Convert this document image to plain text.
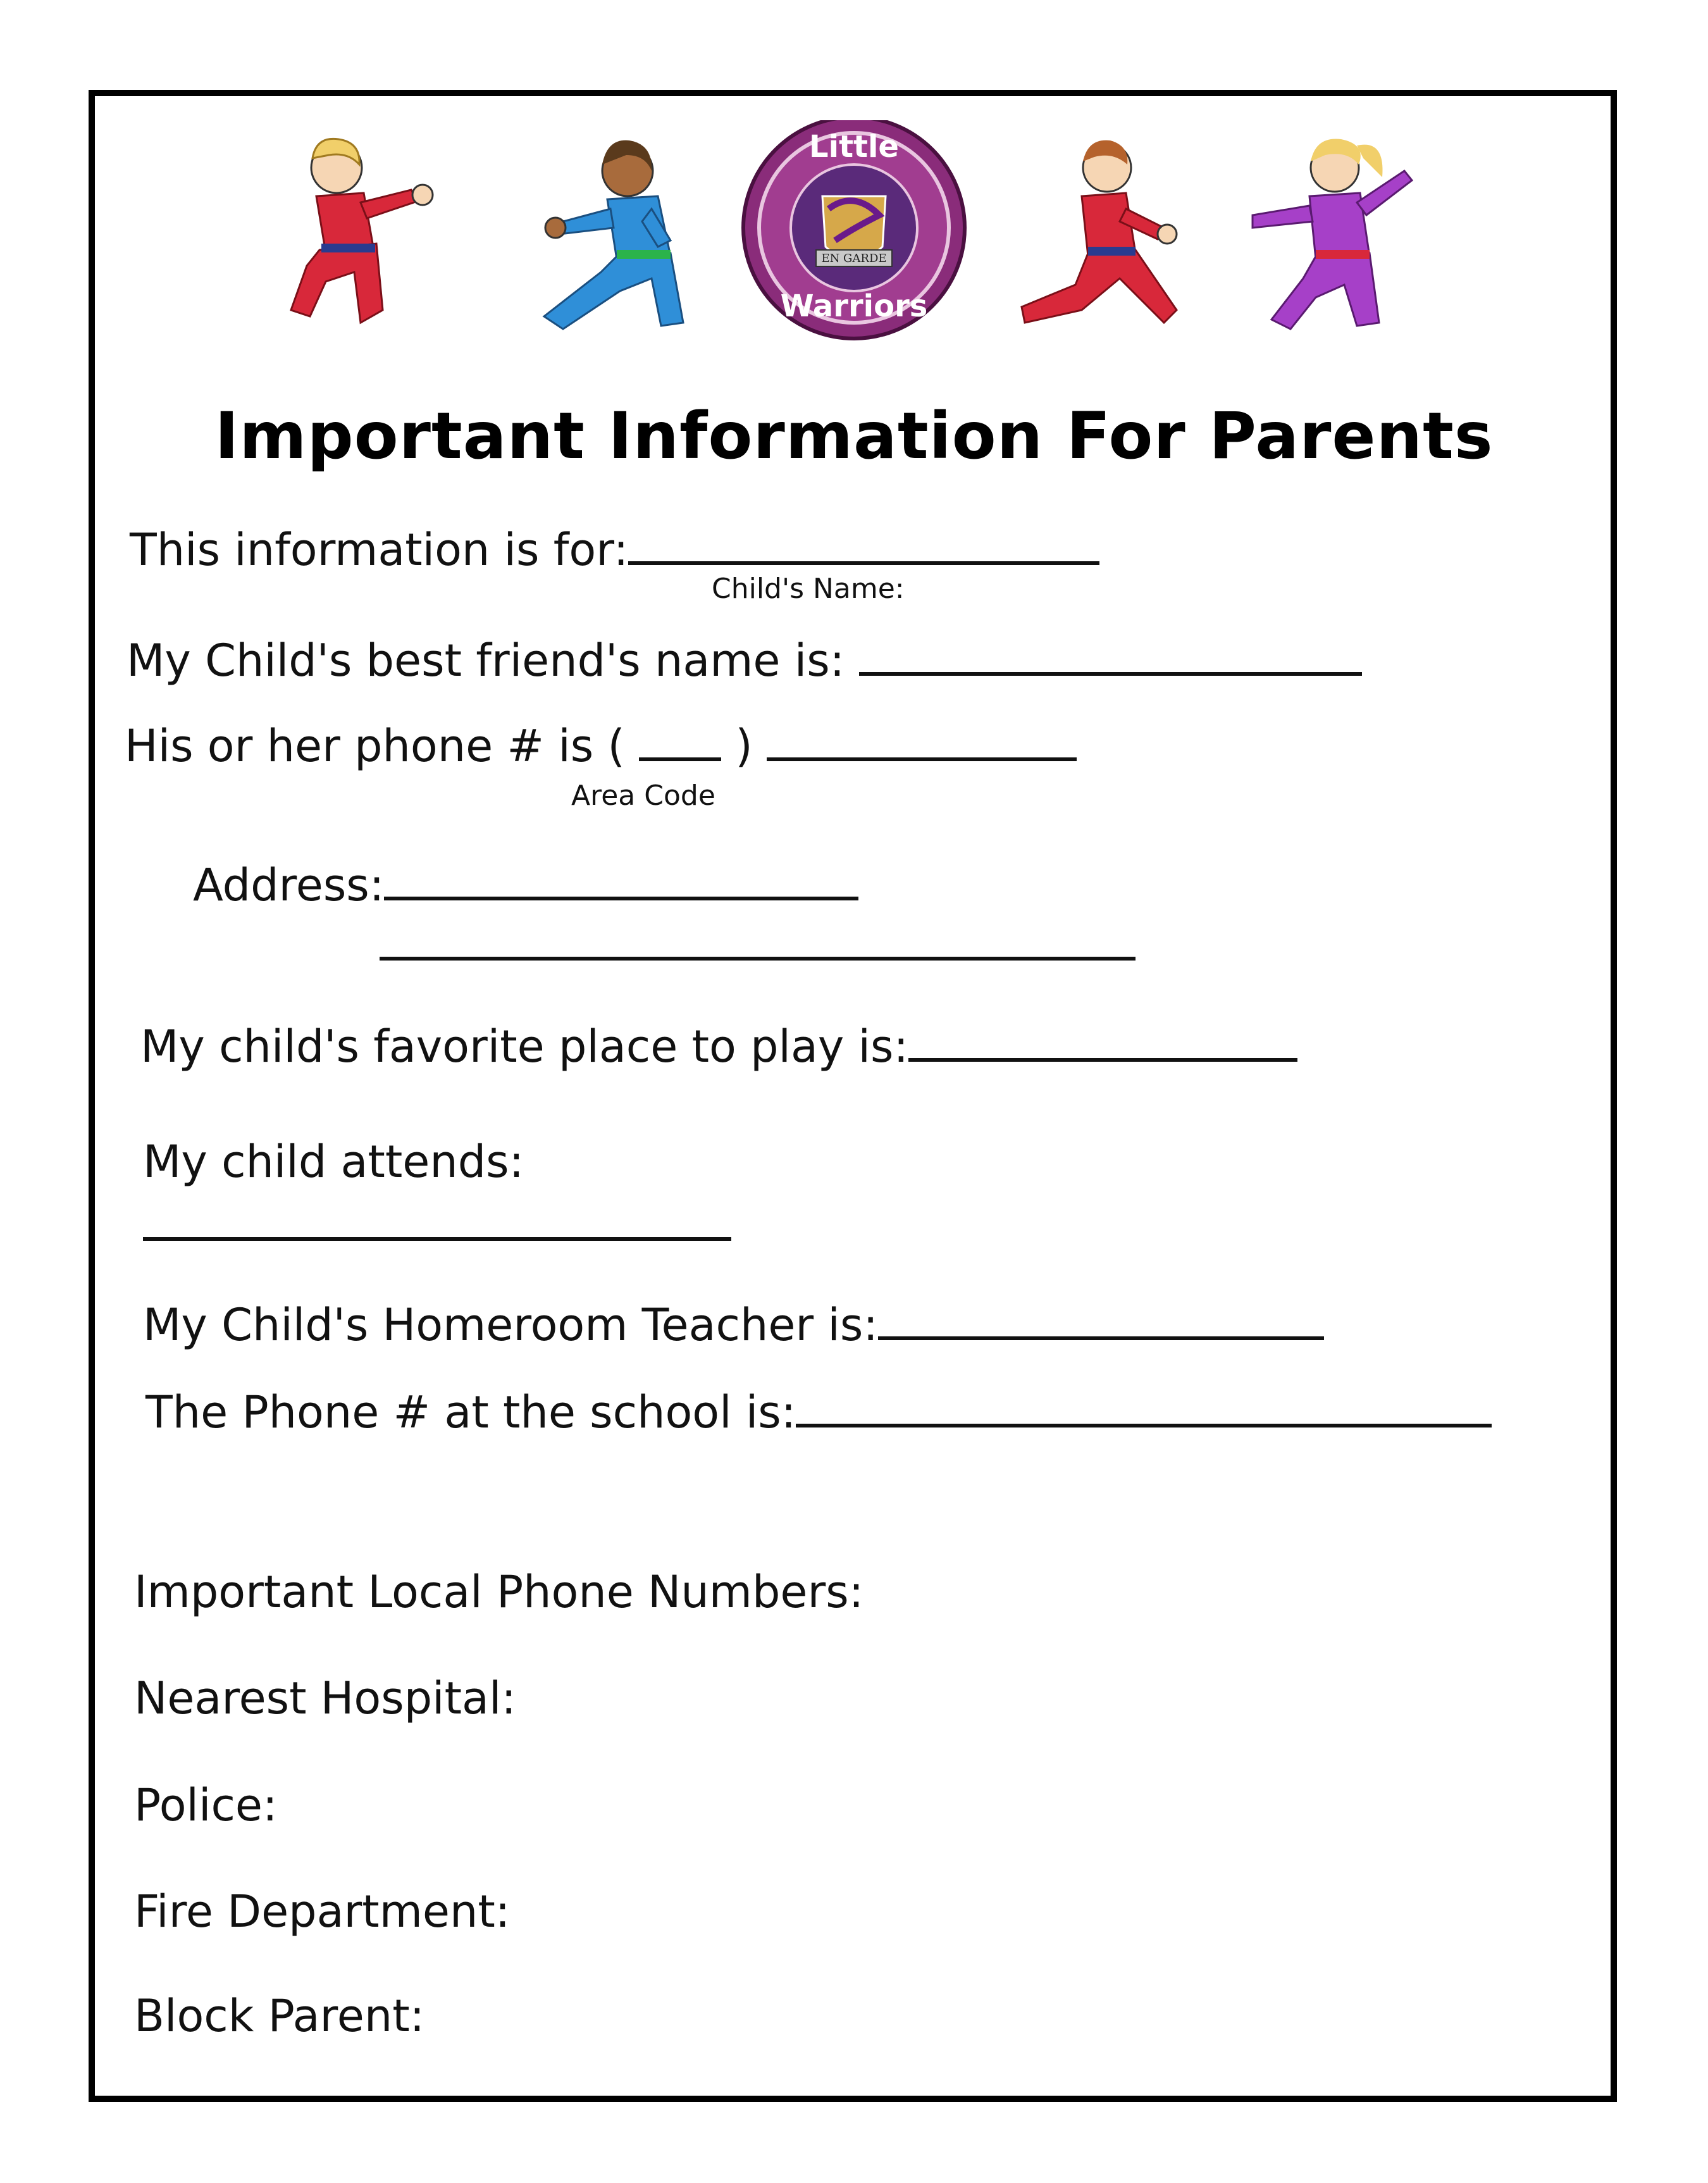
EN GARDE
Little
Warriors
Important Information For Parents
This information is for:
Child's Name:
My Child's best friend's name is:
His or her phone # is ( )
Area Code
Address:
My child's favorite place to play is:
My child attends:
My Child's Homeroom Teacher is:
The Phone # at the school is:
Important Local Phone Numbers:
Nearest Hospital:
Police:
Fire Department:
Block Parent:
